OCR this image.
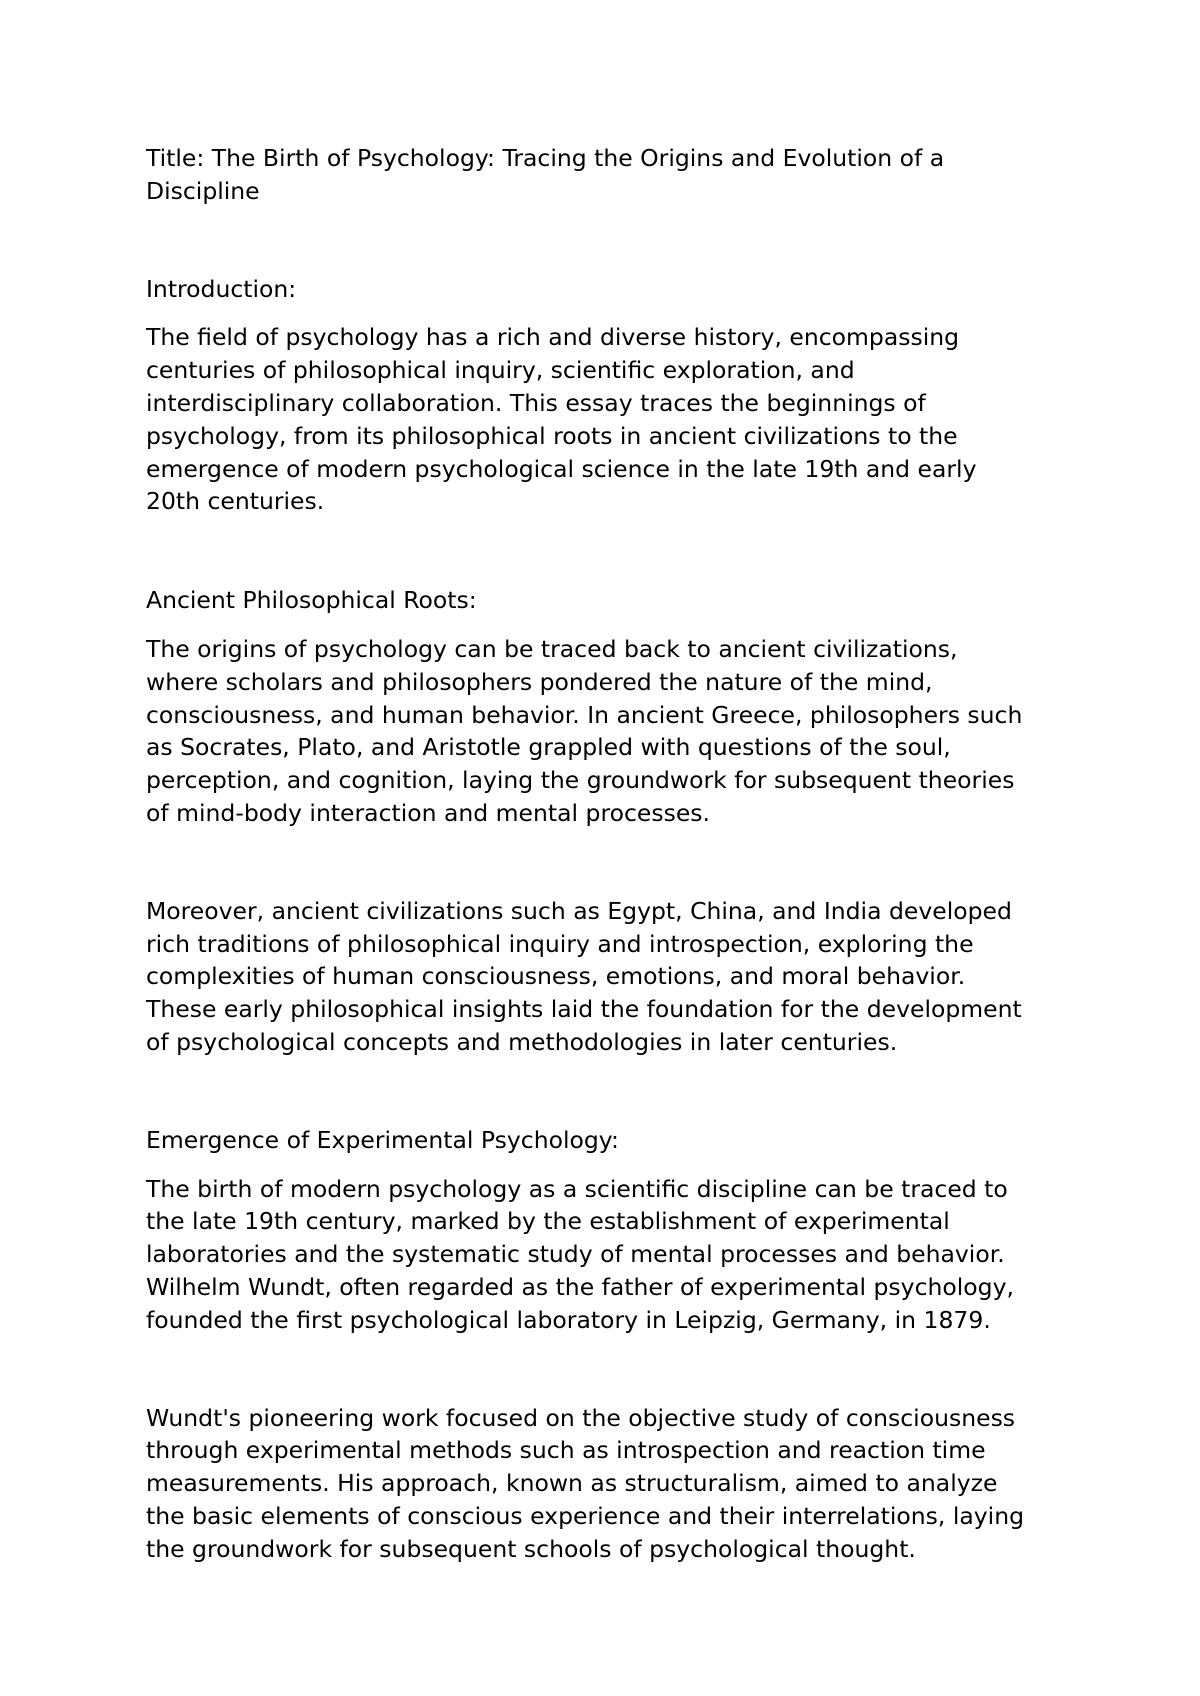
Title: The Birth of Psychology: Tracing the Origins and Evolution of a
Discipline

Introduction:

The field of psychology has a rich and diverse history, encompassing
centuries of philosophical inquiry, scientific exploration, and
interdisciplinary collaboration. This essay traces the beginnings of
psychology, from its philosophical roots in ancient civilizations to the
emergence of modern psychological science in the late 19th and early
20th centuries.

Ancient Philosophical Roots:

The origins of psychology can be traced back to ancient civilizations,
where scholars and philosophers pondered the nature of the mind,
consciousness, and human behavior. In ancient Greece, philosophers such
as Socrates, Plato, and Aristotle grappled with questions of the soul,
perception, and cognition, laying the groundwork for subsequent theories
of mind-body interaction and mental processes.

Moreover, ancient civilizations such as Egypt, China, and India developed
rich traditions of philosophical inquiry and introspection, exploring the
complexities of human consciousness, emotions, and moral behavior.
These early philosophical insights laid the foundation for the development
of psychological concepts and methodologies in later centuries.

Emergence of Experimental Psychology:

The birth of modern psychology as a scientific discipline can be traced to
the late 19th century, marked by the establishment of experimental
laboratories and the systematic study of mental processes and behavior.
Wilhelm Wundt, often regarded as the father of experimental psychology,
founded the first psychological laboratory in Leipzig, Germany, in 1879.

Wundt's pioneering work focused on the objective study of consciousness
through experimental methods such as introspection and reaction time
measurements. His approach, known as structuralism, aimed to analyze
the basic elements of conscious experience and their interrelations, laying
the groundwork for subsequent schools of psychological thought.
